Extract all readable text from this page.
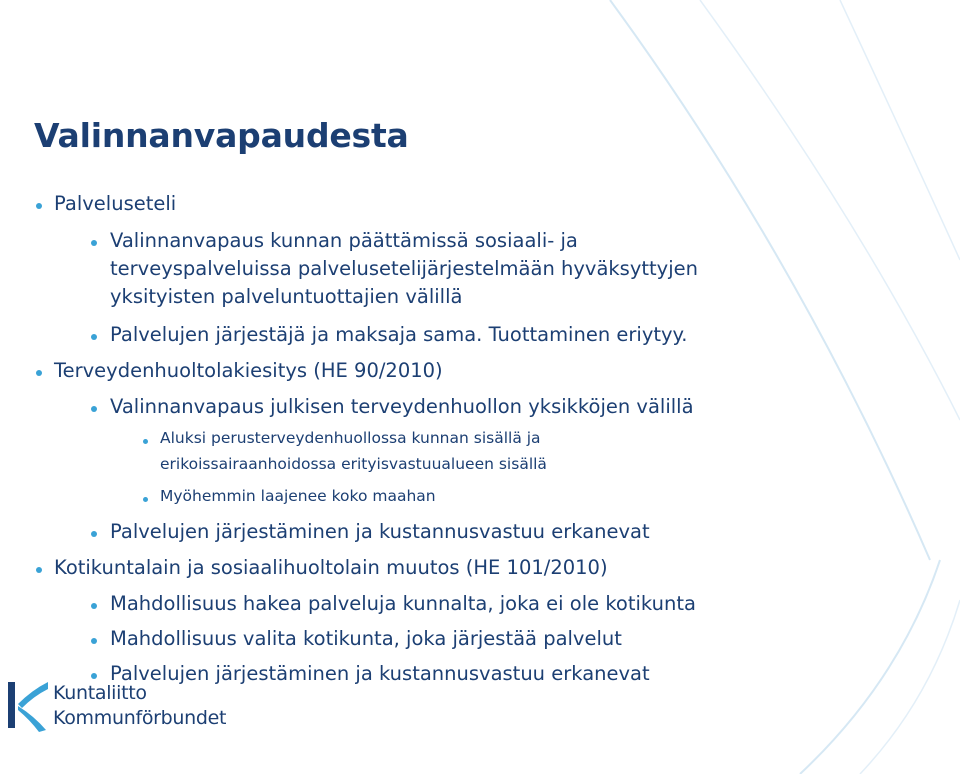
Valinnanvapaudesta
Palveluseteli
Valinnanvapaus kunnan päättämissä sosiaali- ja
terveyspalveluissa palvelusetelijärjestelmään hyväksyttyjen
yksityisten palveluntuottajien välillä
Palvelujen järjestäjä ja maksaja sama. Tuottaminen eriytyy.
Terveydenhuoltolakiesitys (HE 90/2010)
Valinnanvapaus julkisen terveydenhuollon yksikköjen välillä
Aluksi perusterveydenhuollossa kunnan sisällä ja
erikoissairaanhoidossa erityisvastuualueen sisällä
Myöhemmin laajenee koko maahan
Palvelujen järjestäminen ja kustannusvastuu erkanevat
Kotikuntalain ja sosiaalihuoltolain muutos (HE 101/2010)
Mahdollisuus hakea palveluja kunnalta, joka ei ole kotikunta
Mahdollisuus valita kotikunta, joka järjestää palvelut
Palvelujen järjestäminen ja kustannusvastuu erkanevat
Kuntaliitto
Kommunförbundet
